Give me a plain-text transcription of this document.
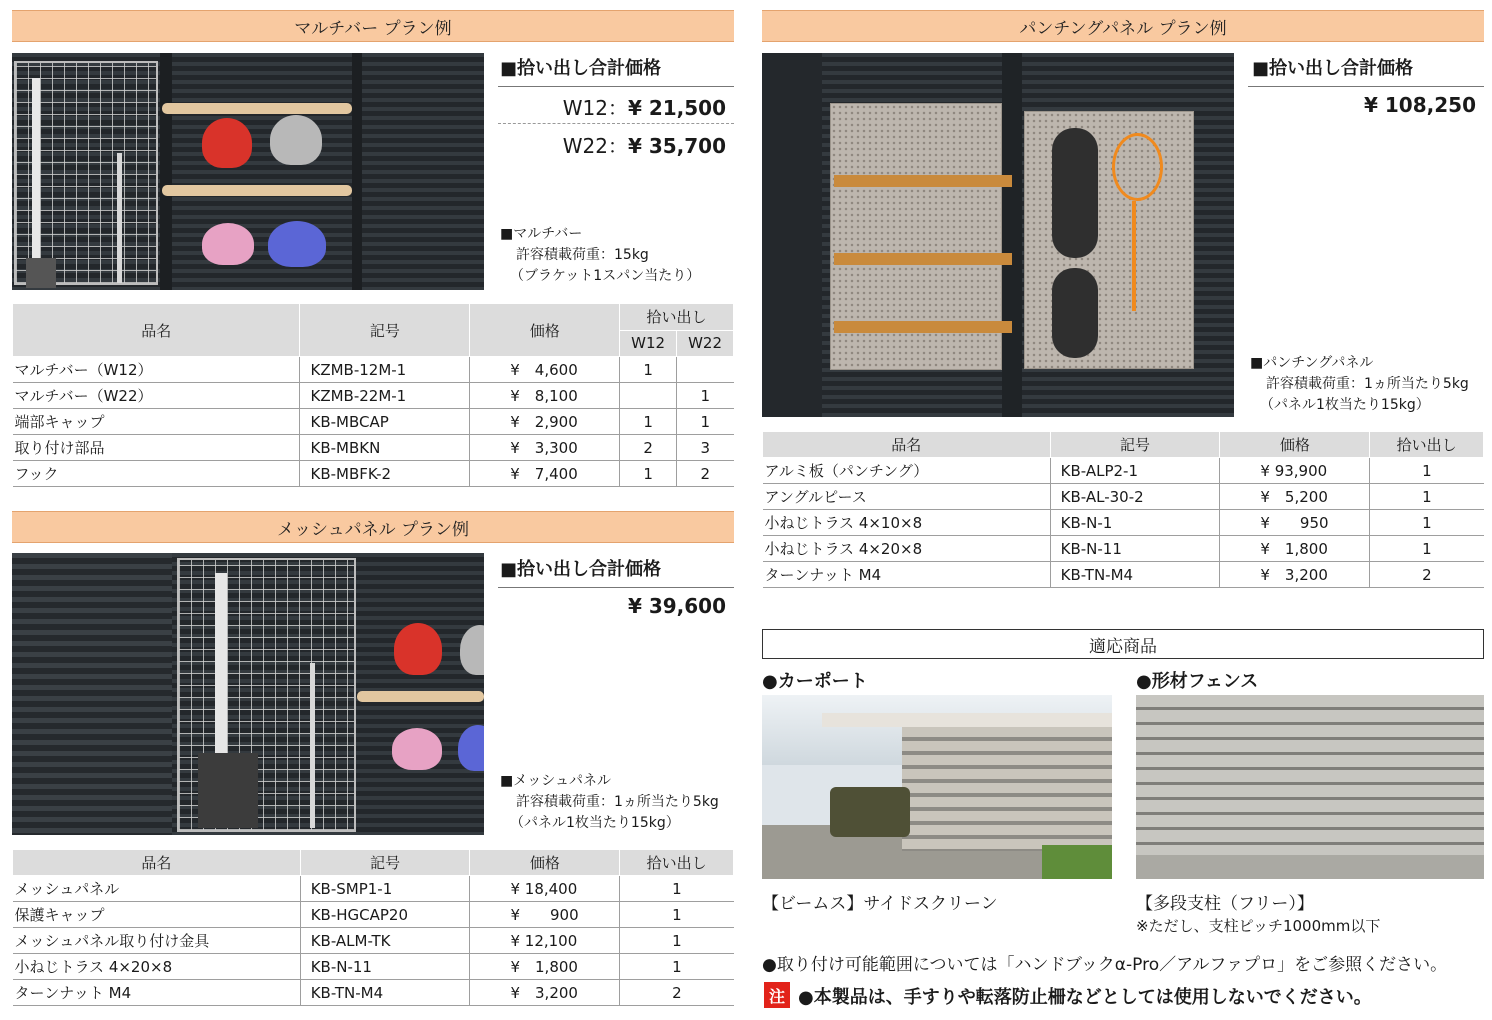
マルチバー プラン例
■拾い出し合計価格
W12：¥ 21,500
W22：¥ 35,700
■マルチバー
許容積載荷重：15kg
（ブラケット1スパン当たり）
品名	記号	価格	拾い出し	
			W12	W22
マルチバー（W12）	KZMB-12M-1	¥　4,600	1	
マルチバー（W22）	KZMB-22M-1	¥　8,100		1
端部キャップ	KB-MBCAP	¥　2,900	1	1
取り付け部品	KB-MBKN	¥　3,300	2	3
フック	KB-MBFK-2	¥　7,400	1	2
メッシュパネル プラン例
■拾い出し合計価格
¥ 39,600
■メッシュパネル
許容積載荷重：1ヵ所当たり5kg
（パネル1枚当たり15kg）
品名	記号	価格	拾い出し
メッシュパネル	KB-SMP1-1	¥ 18,400	1
保護キャップ	KB-HGCAP20	¥　　900	1
メッシュパネル取り付け金具	KB-ALM-TK	¥ 12,100	1
小ねじトラス 4×20×8	KB-N-11	¥　1,800	1
ターンナット M4	KB-TN-M4	¥　3,200	2
パンチングパネル プラン例
■拾い出し合計価格
¥ 108,250
■パンチングパネル
許容積載荷重：1ヵ所当たり5kg
（パネル1枚当たり15kg）
品名	記号	価格	拾い出し
アルミ板（パンチング）	KB-ALP2-1	¥ 93,900	1
アングルピース	KB-AL-30-2	¥　5,200	1
小ねじトラス 4×10×8	KB-N-1	¥　　950	1
小ねじトラス 4×20×8	KB-N-11	¥　1,800	1
ターンナット M4	KB-TN-M4	¥　3,200	2
適応商品
●カーポート	●形材フェンス
【ビームス】サイドスクリーン	【多段支柱（フリー）】
※ただし、支柱ピッチ1000mm以下
●取り付け可能範囲については「ハンドブックα-Pro／アルファプロ」をご参照ください。
注 ●本製品は、手すりや転落防止柵などとしては使用しないでください。
